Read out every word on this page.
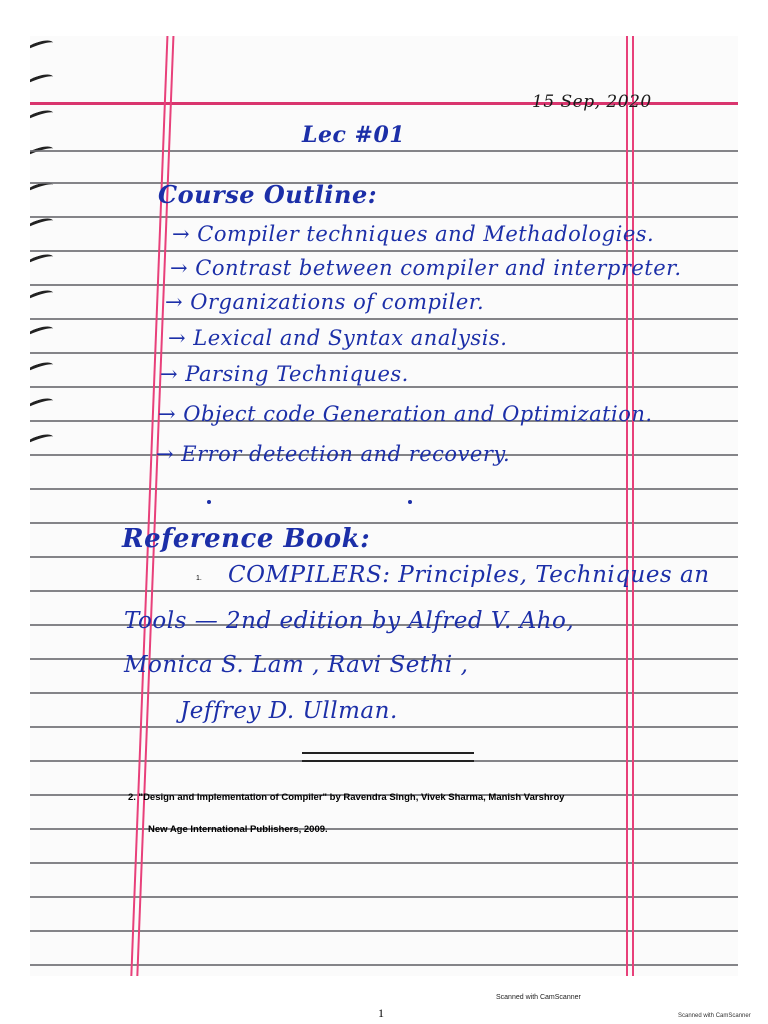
15 Sep, 2020
Lec #01
Course Outline:
→ Compiler techniques and Methadologies.
→ Contrast between compiler and interpreter.
→ Organizations of compiler.
→ Lexical and Syntax analysis.
→ Parsing Techniques.
→ Object code Generation and Optimization.
→ Error detection and recovery.
Reference Book:
1. COMPILERS: Principles, Techniques an
Tools — 2nd edition by Alfred V. Aho,
Monica S. Lam , Ravi Sethi ,
Jeffrey D. Ullman.
2. "Design and Implementation of Compiler" by Ravendra Singh, Vivek Sharma, Manish Varshroy
New Age International Publishers, 2009.
Scanned with CamScanner
1	Scanned with CamScanner
